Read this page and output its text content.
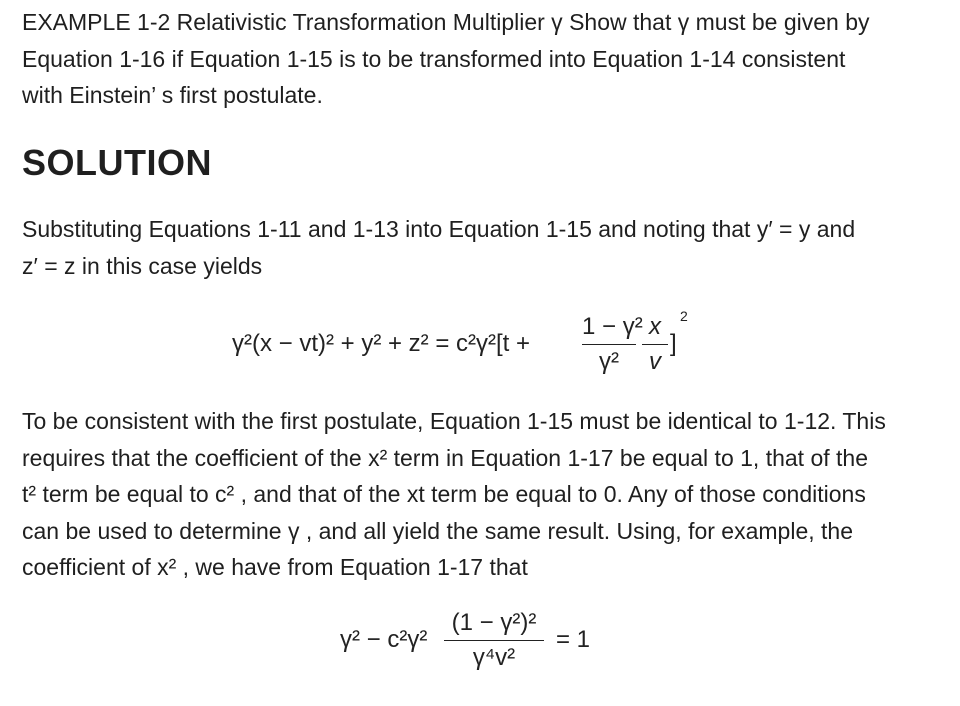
EXAMPLE 1-2 Relativistic Transformation Multiplier γ Show that γ must be given by
Equation 1-16 if Equation 1-15 is to be transformed into Equation 1-14 consistent
with Einstein’ s first postulate.
SOLUTION
Substituting Equations 1-11 and 1-13 into Equation 1-15 and noting that y′ = y and
z′ = z in this case yields
γ²(x − vt)² + y² + z² = c²γ²[t +
1 − γ²
γ²
x
v
]
2
To be consistent with the first postulate, Equation 1-15 must be identical to 1-12. This
requires that the coefficient of the x² term in Equation 1-17 be equal to 1, that of the
t² term be equal to c² , and that of the xt term be equal to 0. Any of those conditions
can be used to determine γ , and all yield the same result. Using, for example, the
coefficient of x² , we have from Equation 1-17 that
γ² − c²γ²
(1 − γ²)²
γ⁴v²
= 1
